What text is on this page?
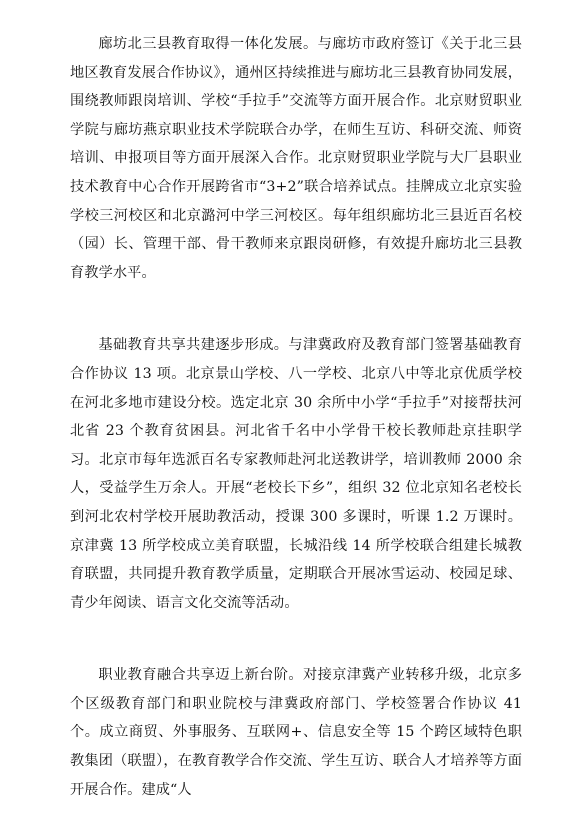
廊坊北三县教育取得一体化发展。与廊坊市政府签订《关于北三县地区教育发展合作协议》，通州区持续推进与廊坊北三县教育协同发展，围绕教师跟岗培训、学校“手拉手”交流等方面开展合作。北京财贸职业学院与廊坊燕京职业技术学院联合办学，在师生互访、科研交流、师资培训、申报项目等方面开展深入合作。北京财贸职业学院与大厂县职业技术教育中心合作开展跨省市“3+2”联合培养试点。挂牌成立北京实验学校三河校区和北京潞河中学三河校区。每年组织廊坊北三县近百名校（园）长、管理干部、骨干教师来京跟岗研修，有效提升廊坊北三县教育教学水平。

基础教育共享共建逐步形成。与津冀政府及教育部门签署基础教育合作协议 13 项。北京景山学校、八一学校、北京八中等北京优质学校在河北多地市建设分校。选定北京 30 余所中小学“手拉手”对接帮扶河北省 23 个教育贫困县。河北省千名中小学骨干校长教师赴京挂职学习。北京市每年选派百名专家教师赴河北送教讲学，培训教师 2000 余人，受益学生万余人。开展“老校长下乡”，组织 32 位北京知名老校长到河北农村学校开展助教活动，授课 300 多课时，听课 1.2 万课时。京津冀 13 所学校成立美育联盟，长城沿线 14 所学校联合组建长城教育联盟，共同提升教育教学质量，定期联合开展冰雪运动、校园足球、青少年阅读、语言文化交流等活动。

职业教育融合共享迈上新台阶。对接京津冀产业转移升级，北京多个区级教育部门和职业院校与津冀政府部门、学校签署合作协议 41 个。成立商贸、外事服务、互联网+、信息安全等 15 个跨区域特色职教集团（联盟），在教育教学合作交流、学生互访、联合人才培养等方面开展合作。建成“人
